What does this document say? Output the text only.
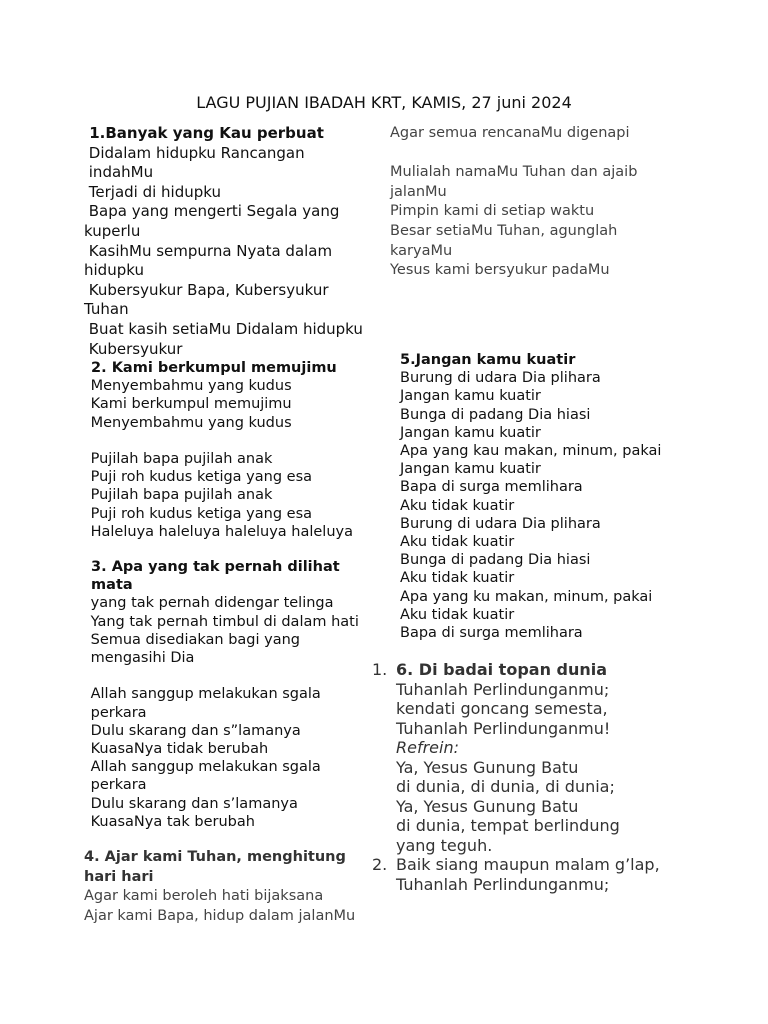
LAGU PUJIAN IBADAH KRT, KAMIS, 27 juni 2024
1.Banyak yang Kau perbuat
Didalam hidupku Rancangan
indahMu
Terjadi di hidupku
Bapa yang mengerti Segala yang
kuperlu
KasihMu sempurna Nyata dalam
hidupku
Kubersyukur Bapa, Kubersyukur
Tuhan
Buat kasih setiaMu Didalam hidupku
Kubersyukur
2. Kami berkumpul memujimu
Menyembahmu yang kudus
Kami berkumpul memujimu
Menyembahmu yang kudus

Pujilah bapa pujilah anak
Puji roh kudus ketiga yang esa
Pujilah bapa pujilah anak
Puji roh kudus ketiga yang esa
Haleluya haleluya haleluya haleluya
3. Apa yang tak pernah dilihat
mata
yang tak pernah didengar telinga
Yang tak pernah timbul di dalam hati
Semua disediakan bagi yang
mengasihi Dia

Allah sanggup melakukan sgala
perkara
Dulu skarang dan s”lamanya
KuasaNya tidak berubah
Allah sanggup melakukan sgala
perkara
Dulu skarang dan s’lamanya
KuasaNya tak berubah
4. Ajar kami Tuhan, menghitung
hari hari
Agar kami beroleh hati bijaksana
Ajar kami Bapa, hidup dalam jalanMu
Agar semua rencanaMu digenapi

Mulialah namaMu Tuhan dan ajaib
jalanMu
Pimpin kami di setiap waktu
Besar setiaMu Tuhan, agunglah
karyaMu
Yesus kami bersyukur padaMu
5.Jangan kamu kuatir
Burung di udara Dia plihara
Jangan kamu kuatir
Bunga di padang Dia hiasi
Jangan kamu kuatir
Apa yang kau makan, minum, pakai
Jangan kamu kuatir
Bapa di surga memlihara
Aku tidak kuatir
Burung di udara Dia plihara
Aku tidak kuatir
Bunga di padang Dia hiasi
Aku tidak kuatir
Apa yang ku makan, minum, pakai
Aku tidak kuatir
Bapa di surga memlihara
1. 6. Di badai topan dunia
Tuhanlah Perlindunganmu;
kendati goncang semesta,
Tuhanlah Perlindunganmu!
Refrein:
Ya, Yesus Gunung Batu
di dunia, di dunia, di dunia;
Ya, Yesus Gunung Batu
di dunia, tempat berlindung
yang teguh.
Baik siang maupun malam g’lap,
Tuhanlah Perlindunganmu;
2.
